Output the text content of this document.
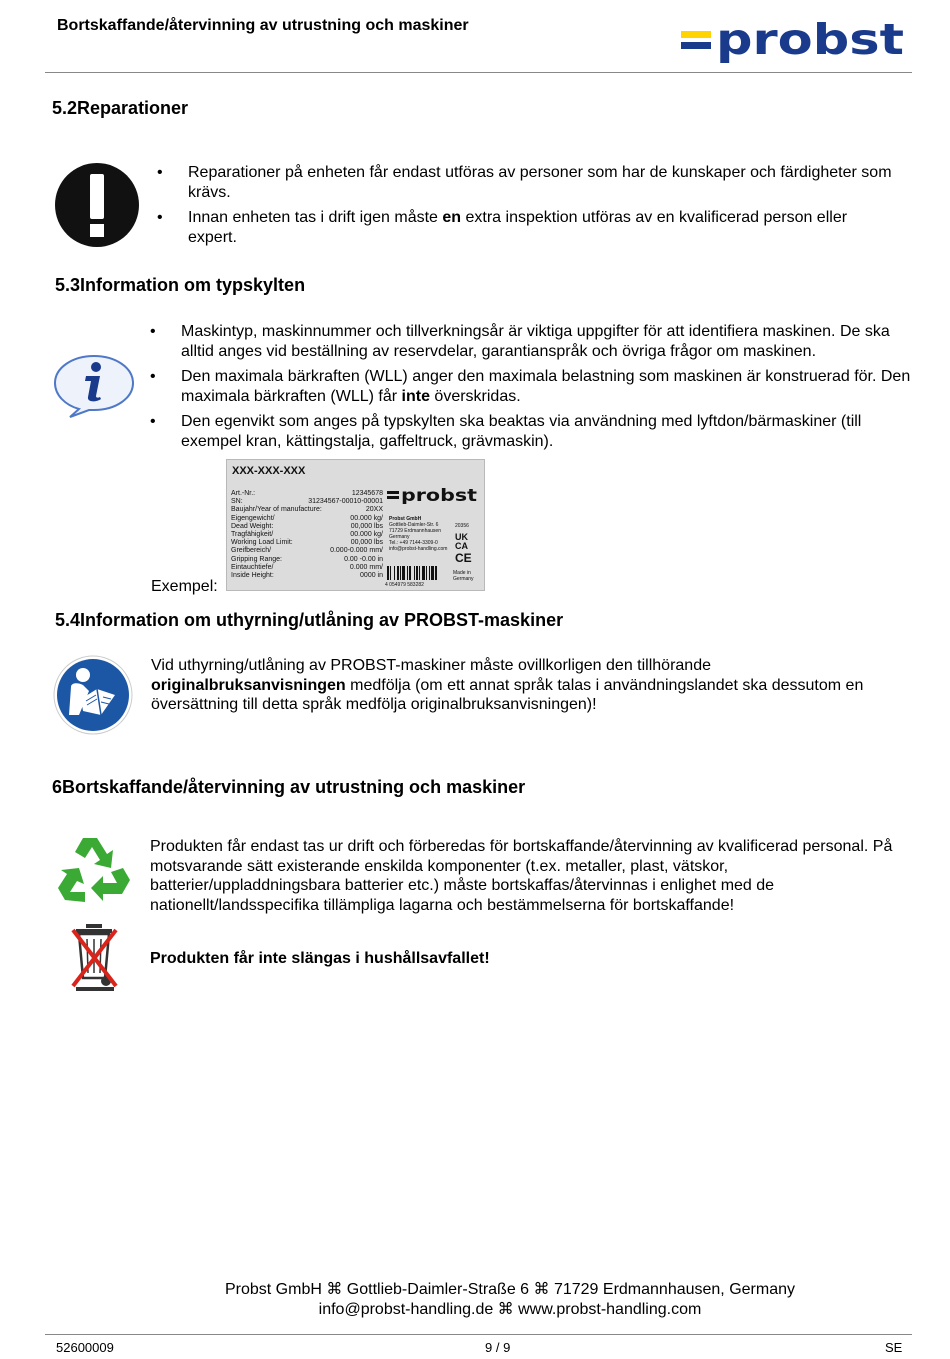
Bortskaffande/återvinning av utrustning och maskiner	probst
5.2Reparationer
• Reparationer på enheten får endast utföras av personer som har de kunskaper och färdigheter som krävs.
• Innan enheten tas i drift igen måste en extra inspektion utföras av en kvalificerad person eller expert.
5.3Information om typskylten
• Maskintyp, maskinnummer och tillverkningsår är viktiga uppgifter för att identifiera maskinen. De ska alltid anges vid beställning av reservdelar, garantianspråk och övriga frågor om maskinen.
• Den maximala bärkraften (WLL) anger den maximala belastning som maskinen är konstruerad för. Den maximala bärkraften (WLL) får inte överskridas.
• Den egenvikt som anges på typskylten ska beaktas via användning med lyftdon/bärmaskiner (till exempel kran, kättingstalja, gaffeltruck, grävmaskin).
Exempel:
XXX-XXX-XXX
Art.-Nr.:	12345678
SN:	31234567-00010-00001
Baujahr/Year of manufacture:	20XX
Eigengewicht/	00.000 kg/
Dead Weight:	00,000 lbs
Tragfähigkeit/	00.000 kg/
Working Load Limit:	00,000 lbs
Greifbereich/	0.000-0.000 mm/
Gripping Range:	0.00 -0.00 in
Eintauchtiefe/	0.000 mm/
Inside Height:	0000 in
probst
Probst GmbH
Gottlieb-Daimler-Str. 6
71729 Erdmannhausen
Germany
Tel.: +49 7144-3309-0
info@probst-handling.com
20356
UK CA
CE
Made in Germany
4 054979 583282
5.4Information om uthyrning/utlåning av PROBST-maskiner
Vid uthyrning/utlåning av PROBST-maskiner måste ovillkorligen den tillhörande originalbruksanvisningen medfölja (om ett annat språk talas i användningslandet ska dessutom en översättning till detta språk medfölja originalbruksanvisningen)!
6Bortskaffande/återvinning av utrustning och maskiner
Produkten får endast tas ur drift och förberedas för bortskaffande/återvinning av kvalificerad personal. På motsvarande sätt existerande enskilda komponenter (t.ex. metaller, plast, vätskor, batterier/uppladdningsbara batterier etc.) måste bortskaffas/återvinnas i enlighet med de nationellt/landsspecifika tillämpliga lagarna och bestämmelserna för bortskaffande!
Produkten får inte slängas i hushållsavfallet!
Probst GmbH ⌘ Gottlieb-Daimler-Straße 6 ⌘ 71729 Erdmannhausen, Germany
info@probst-handling.de ⌘ www.probst-handling.com
52600009	9 / 9	SE
